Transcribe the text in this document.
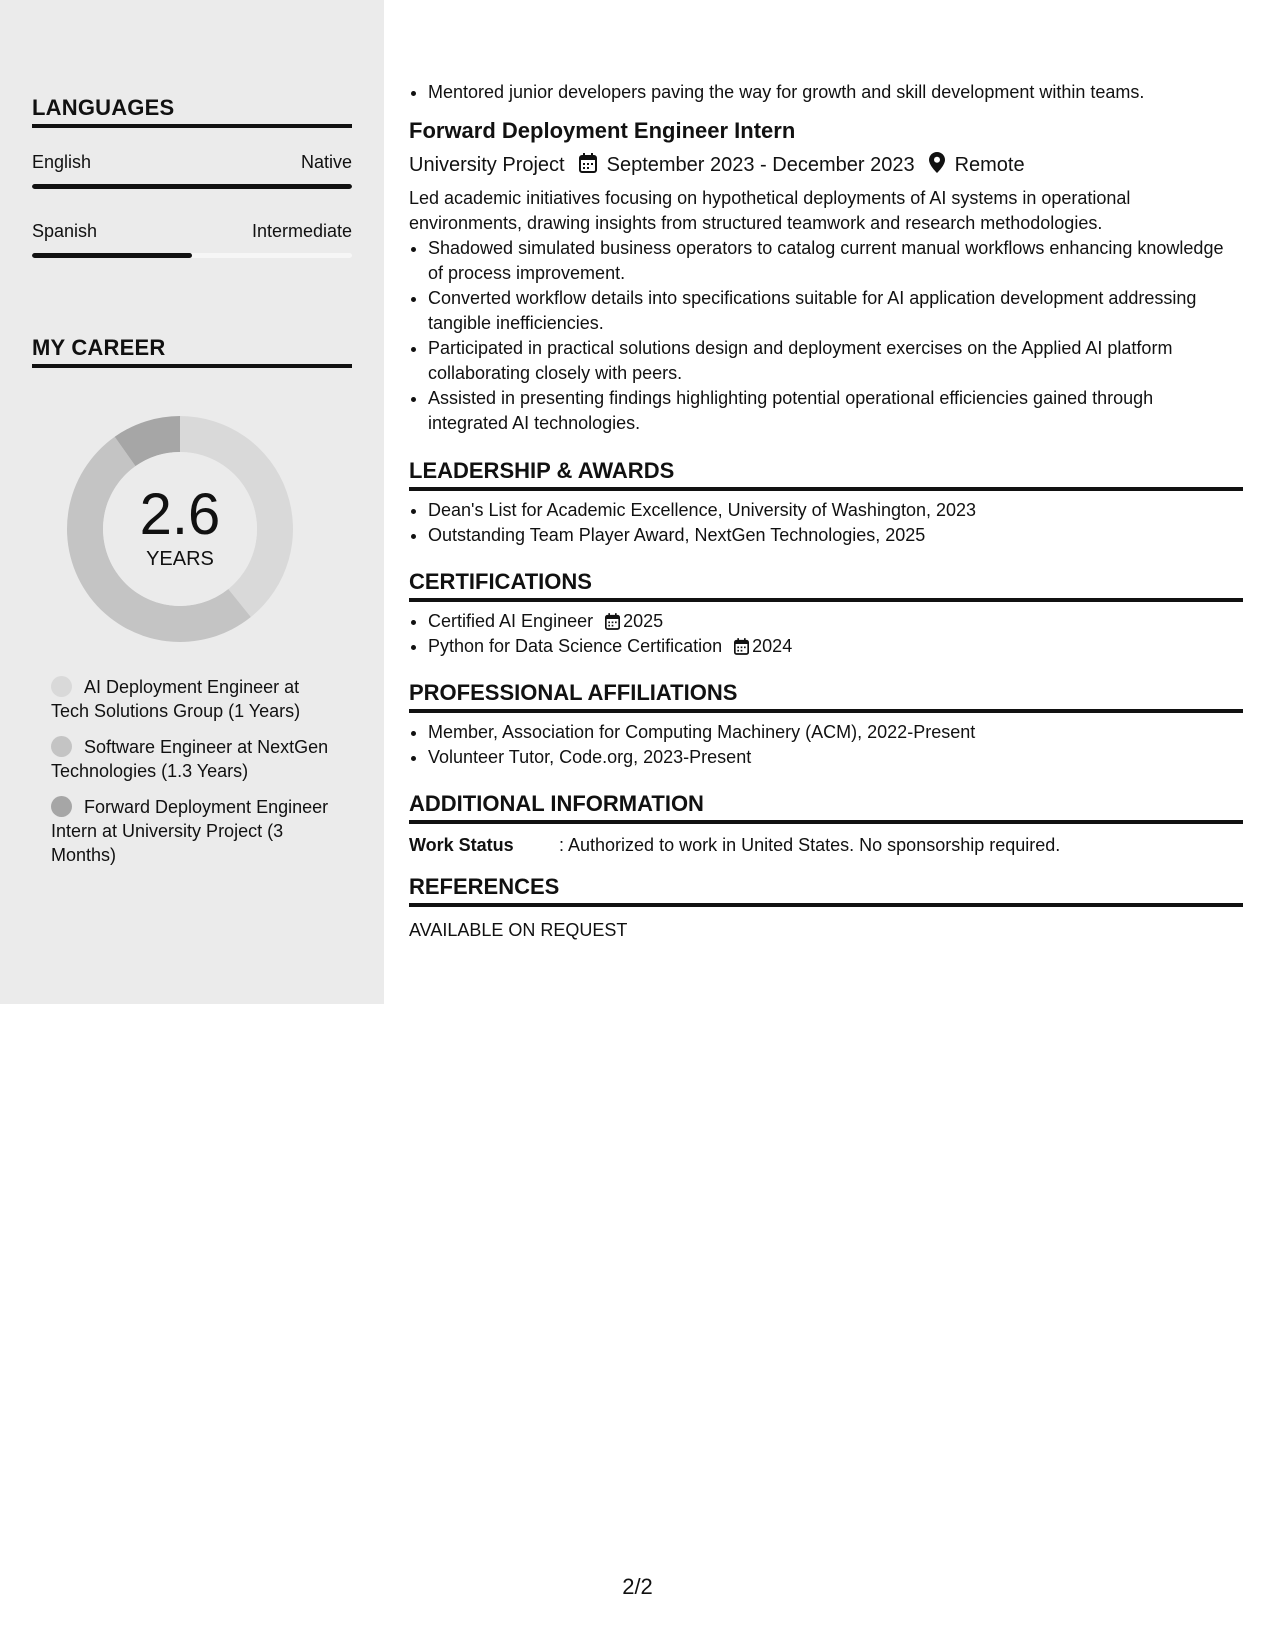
LANGUAGES
English	Native
Spanish	Intermediate
MY CAREER
2.6
YEARS
AI Deployment Engineer at Tech Solutions Group (1 Years)
Software Engineer at NextGen Technologies (1.3 Years)
Forward Deployment Engineer Intern at University Project (3 Months)
• Mentored junior developers paving the way for growth and skill development within teams.
Forward Deployment Engineer Intern
University Project September 2023 - December 2023 Remote

Led academic initiatives focusing on hypothetical deployments of AI systems in operational environments, drawing insights from structured teamwork and research methodologies.

• Shadowed simulated business operators to catalog current manual workflows enhancing knowledge of process improvement.
• Converted workflow details into specifications suitable for AI application development addressing tangible inefficiencies.
• Participated in practical solutions design and deployment exercises on the Applied AI platform collaborating closely with peers.
• Assisted in presenting findings highlighting potential operational efficiencies gained through integrated AI technologies.
LEADERSHIP & AWARDS
• Dean's List for Academic Excellence, University of Washington, 2023
• Outstanding Team Player Award, NextGen Technologies, 2025
CERTIFICATIONS
• Certified AI Engineer 2025
• Python for Data Science Certification 2024
PROFESSIONAL AFFILIATIONS
• Member, Association for Computing Machinery (ACM), 2022-Present
• Volunteer Tutor, Code.org, 2023-Present
ADDITIONAL INFORMATION
Work Status	: Authorized to work in United States. No sponsorship required.
REFERENCES
AVAILABLE ON REQUEST
2/2
